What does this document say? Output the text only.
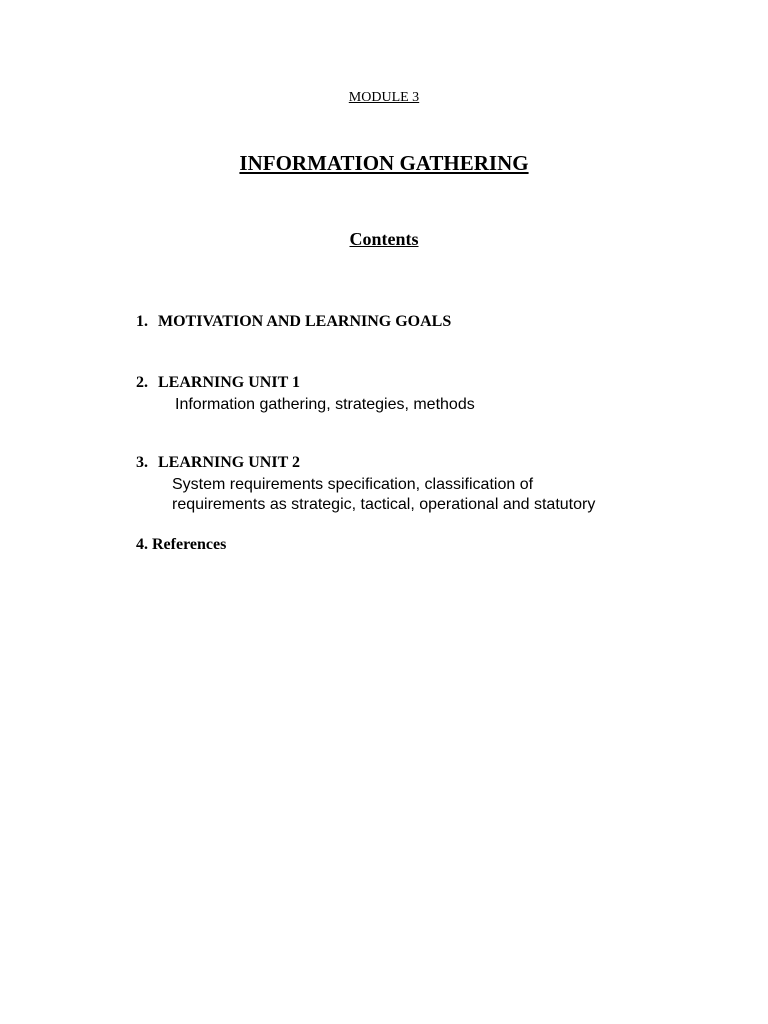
MODULE 3
INFORMATION GATHERING
Contents
1. MOTIVATION AND LEARNING GOALS
2. LEARNING UNIT 1
Information gathering, strategies, methods
3. LEARNING UNIT 2
System requirements specification, classification of
requirements as strategic, tactical, operational and statutory
4. References
